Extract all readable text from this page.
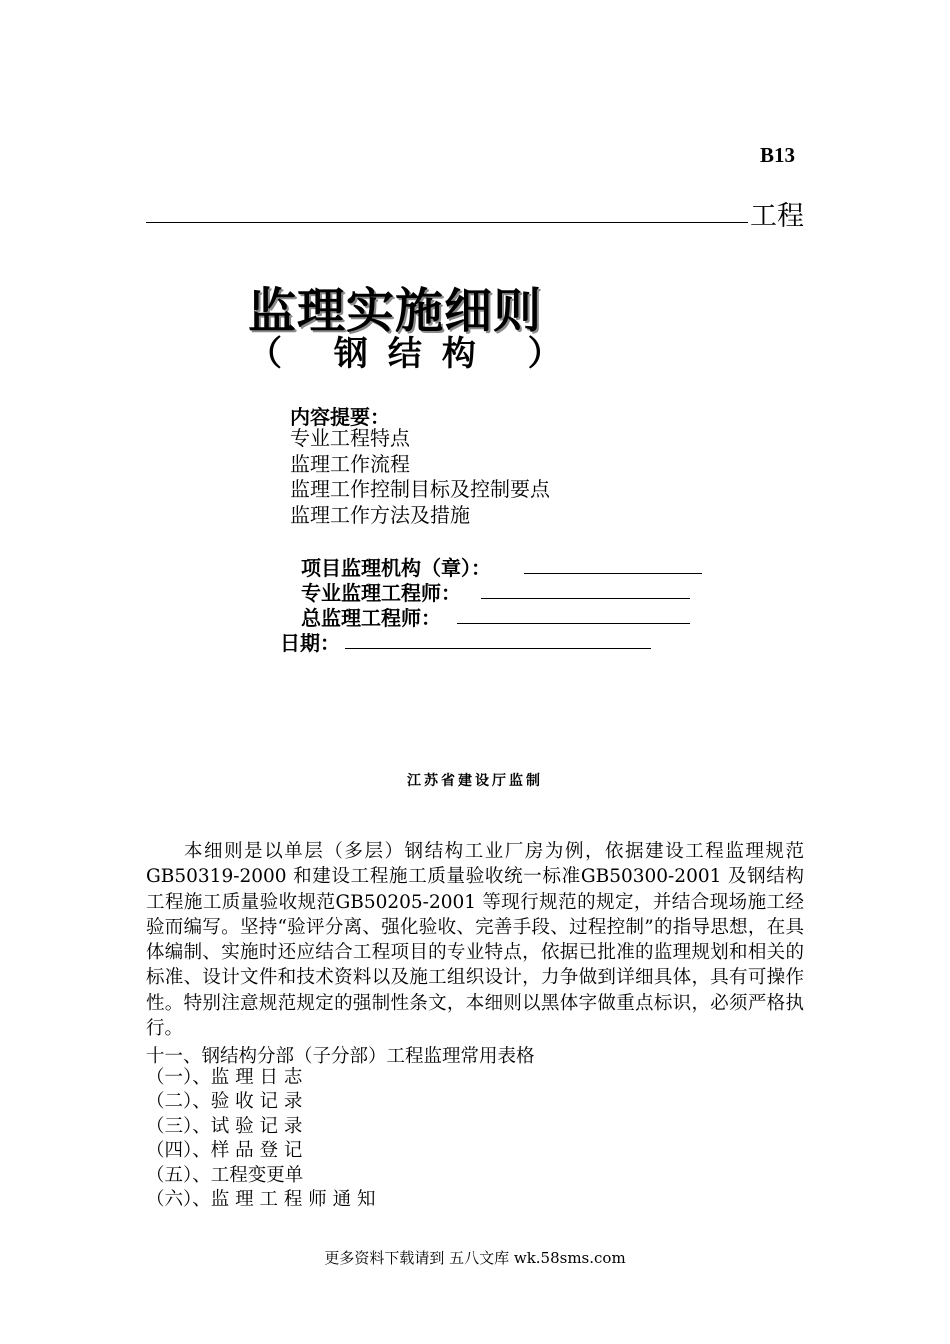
B13
工程
监理实施细则
（ 钢结构 ）
内容提要：
专业工程特点
监理工作流程
监理工作控制目标及控制要点
监理工作方法及措施
项目监理机构（章）：
专业监理工程师：
总监理工程师：
日期：
江苏省建设厅监制

本细则是以单层（多层）钢结构工业厂房为例，依据建设工程监理规范GB50319-2000 和建设工程施工质量验收统一标准GB50300-2001 及钢结构工程施工质量验收规范GB50205-2001 等现行规范的规定，并结合现场施工经验而编写。坚持“验评分离、强化验收、完善手段、过程控制”的指导思想，在具体编制、实施时还应结合工程项目的专业特点，依据已批准的监理规划和相关的标准、设计文件和技术资料以及施工组织设计，力争做到详细具体，具有可操作性。特别注意规范规定的强制性条文，本细则以黑体字做重点标识，必须严格执行。

十一、钢结构分部（子分部）工程监理常用表格
（一）、监 理 日 志
（二）、验 收 记 录
（三）、试 验 记 录
（四）、样 品 登 记
（五）、工程变更单
（六）、监 理 工 程 师 通 知
更多资料下载请到 五八文库 wk.58sms.com
